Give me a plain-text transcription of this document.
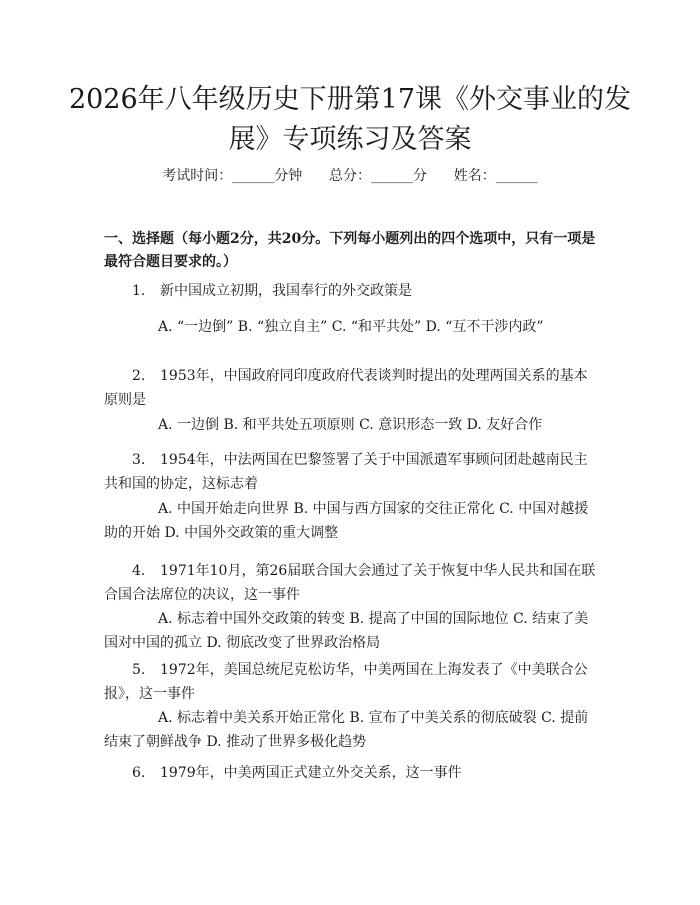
2026年八年级历史下册第17课《外交事业的发展》专项练习及答案
考试时间：______分钟 总分：______分 姓名：______

一、选择题（每小题2分，共20分。下列每小题列出的四个选项中，只有一项是最符合题目要求的。）

1. 新中国成立初期，我国奉行的外交政策是

A. “一边倒” B. “独立自主” C. “和平共处” D. “互不干涉内政”

2. 1953年，中国政府同印度政府代表谈判时提出的处理两国关系的基本原则是

A. 一边倒 B. 和平共处五项原则 C. 意识形态一致 D. 友好合作

3. 1954年，中法两国在巴黎签署了关于中国派遣军事顾问团赴越南民主共和国的协定，这标志着

A. 中国开始走向世界 B. 中国与西方国家的交往正常化 C. 中国对越援助的开始 D. 中国外交政策的重大调整

4. 1971年10月，第26届联合国大会通过了关于恢复中华人民共和国在联合国合法席位的决议，这一事件

A. 标志着中国外交政策的转变 B. 提高了中国的国际地位 C. 结束了美国对中国的孤立 D. 彻底改变了世界政治格局

5. 1972年，美国总统尼克松访华，中美两国在上海发表了《中美联合公报》，这一事件

A. 标志着中美关系开始正常化 B. 宣布了中美关系的彻底破裂 C. 提前结束了朝鲜战争 D. 推动了世界多极化趋势

6. 1979年，中美两国正式建立外交关系，这一事件
